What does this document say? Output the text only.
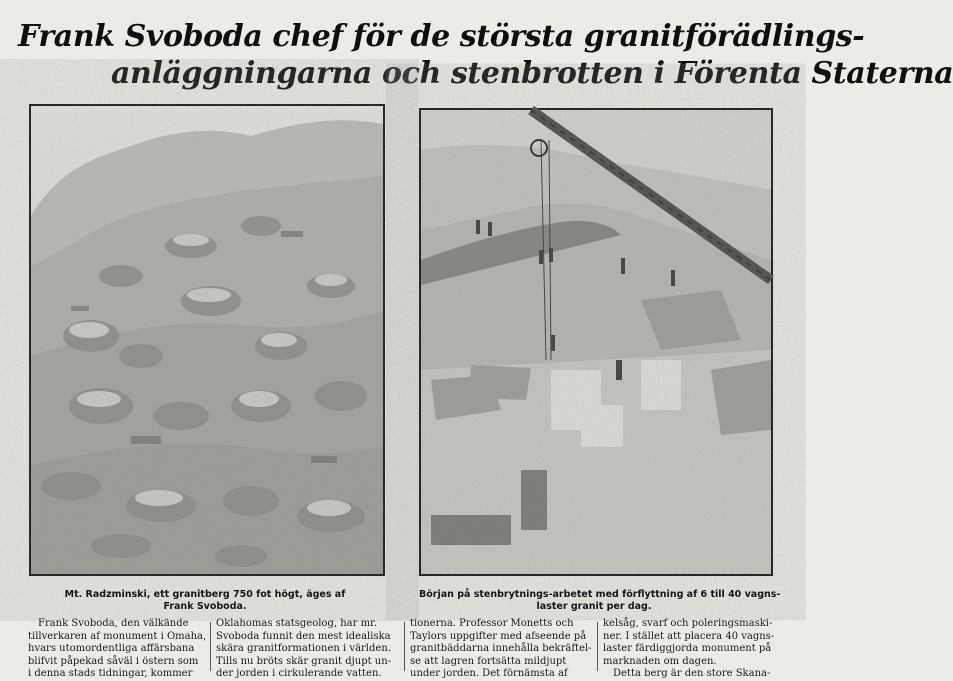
Frank Svoboda chef för de största granitförädlings-
anläggningarna och stenbrotten i Förenta Staterna
Mt. Radzminski, ett granitberg 750 fot högt, äges af
Frank Svoboda.
Början på stenbrytnings-arbetet med förflyttning af 6 till 40 vagns-
laster granit per dag.
Frank Svoboda, den välkände
tillverkaren af monument i Omaha,
hvars utomordentliga affärsbana
blifvit påpekad såväl i östern som
i denna stads tidningar, kommer
Oklahomas statsgeolog, har mr.
Svoboda funnit den mest idealiska
skära granitformationen i världen.
Tills nu bröts skär granit djupt un-
der jorden i cirkulerande vatten.
tionerna. Professor Monetts och
Taylors uppgifter med afseende på
granitbäddarna innehålla bekräftel-
se att lagren fortsätta mildjupt
under jorden. Det förnämsta af
kelsåg, svarf och poleringsmaski-
ner. I stället att placera 40 vagns-
laster färdiggjorda monument på
marknaden om dagen.
Detta berg är den store Skana-
